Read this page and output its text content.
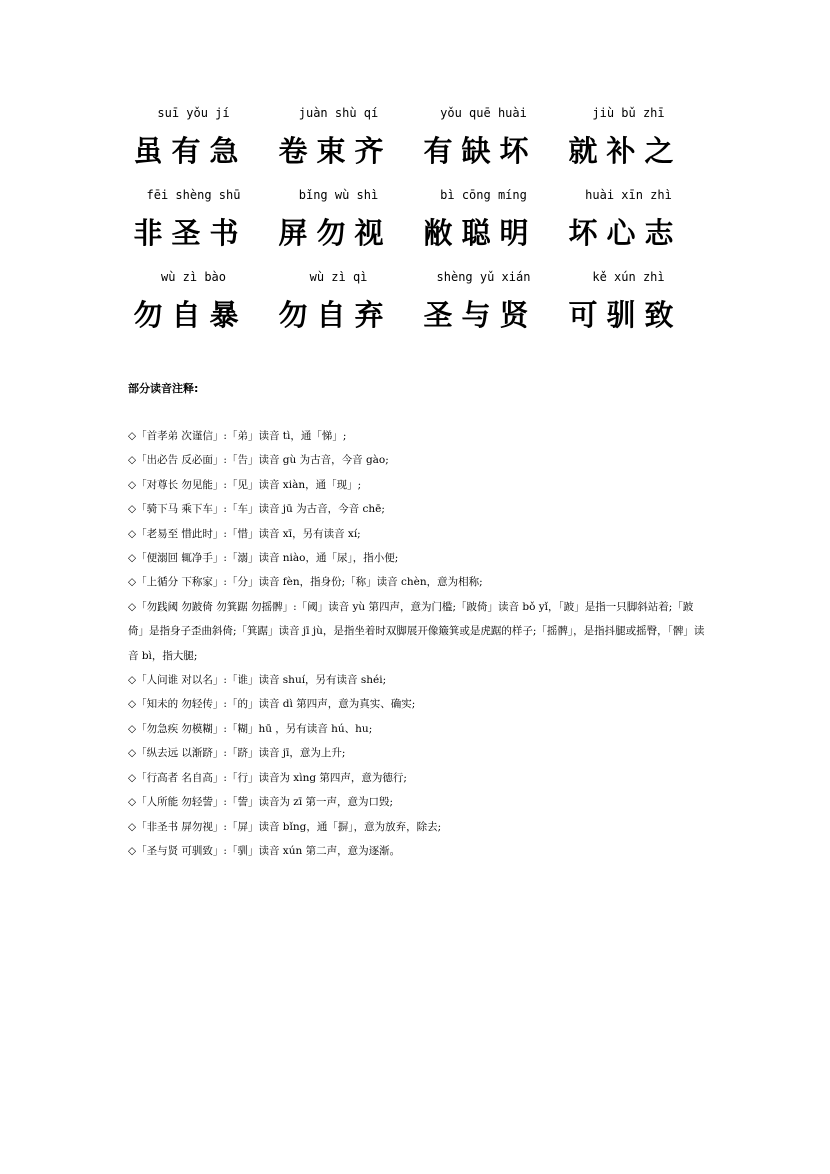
suī yǒu jí
虽有急
juàn shù qí
卷束齐
yǒu quē huài
有缺坏
jiù bǔ zhī
就补之
fēi shèng shū
非圣书
bǐng wù shì
屏勿视
bì cōng míng
敝聪明
huài xīn zhì
坏心志
wù zì bào
勿自暴
wù zì qì
勿自弃
shèng yǔ xián
圣与贤
kě xún zhì
可驯致
部分读音注释:
◇「首孝弟 次谨信」:「弟」读音 tì，通「悌」;
◇「出必告 反必面」:「告」读音 gù 为古音，今音 gào;
◇「对尊长 勿见能」:「见」读音 xiàn，通「现」;
◇「骑下马 乘下车」:「车」读音 jū 为古音，今音 chē;
◇「老易至 惜此时」:「惜」读音 xī，另有读音 xí;
◇「便溺回 辄净手」:「溺」读音 niào，通「尿」，指小便;
◇「上循分 下称家」:「分」读音 fèn，指身份;「称」读音 chèn，意为相称;
◇「勿践阈 勿跛倚 勿箕踞 勿摇髀」:「阈」读音 yù 第四声，意为门槛;「跛倚」读音 bǒ yǐ，「跛」是指一只脚斜站着;「跛倚」是指身子歪曲斜倚;「箕踞」读音 jī jù，是指坐着时双脚展开像簸箕或是虎踞的样子;「摇髀」，是指抖腿或摇臀，「髀」读音 bì，指大腿;
◇「人问谁 对以名」:「谁」读音 shuí，另有读音 shéi;
◇「知未的 勿轻传」:「的」读音 dì 第四声，意为真实、确实;
◇「勿急疾 勿模糊」:「糊」hū ，另有读音 hú、hu;
◇「纵去远 以渐跻」:「跻」读音 jī，意为上升;
◇「行高者 名自高」:「行」读音为 xìng 第四声，意为德行;
◇「人所能 勿轻訾」:「訾」读音为 zī 第一声，意为口毁;
◇「非圣书 屏勿视」:「屏」读音 bǐng，通「摒」，意为放弃，除去;
◇「圣与贤 可驯致」:「驯」读音 xún 第二声，意为逐渐。
